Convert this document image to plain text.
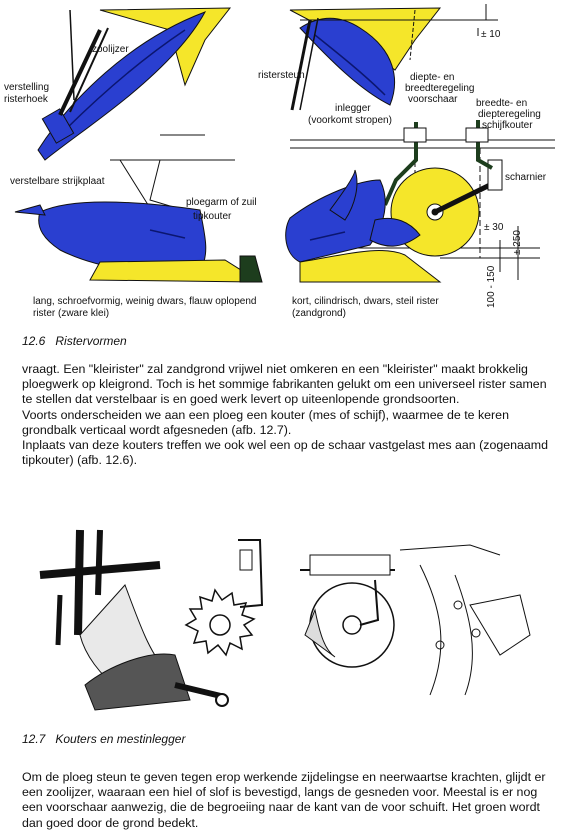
zoolijzer
verstelling
risterhoek
verstelbare strijkplaat
ploegarm of zuil
tipkouter
lang, schroefvormig, weinig dwars, flauw oplopend
rister (zware klei)
ristersteun
inlegger
(voorkomt stropen)
diepte- en
breedteregeling
voorschaar breedte- en
diepteregeling
schijfkouter
scharnier
± 10
± 30
± 250
100 - 150
kort, cilindrisch, dwars, steil rister
(zandgrond)
12.6 Ristervormen

vraagt. Een "kleirister" zal zandgrond vrijwel niet omkeren en een "kleirister" maakt brokkelig ploegwerk op kleigrond. Toch is het sommige fabrikanten gelukt om een universeel rister samen te stellen dat verstelbaar is en goed werk levert op uiteenlopende grondsoorten.

Voorts onderscheiden we aan een ploeg een kouter (mes of schijf), waarmee de te keren grondbalk verticaal wordt afgesneden (afb. 12.7).

Inplaats van deze kouters treffen we ook wel een op de schaar vastgelast mes aan (zogenaamd tipkouter) (afb. 12.6).

12.7 Kouters en mestinlegger

Om de ploeg steun te geven tegen erop werkende zijdelingse en neerwaartse krachten, glijdt er een zoolijzer, waaraan een hiel of slof is bevestigd, langs de gesneden voor. Meestal is er nog een voorschaar aanwezig, die de begroeiing naar de kant van de voor schuift. Het groen wordt dan goed door de grond bedekt.
